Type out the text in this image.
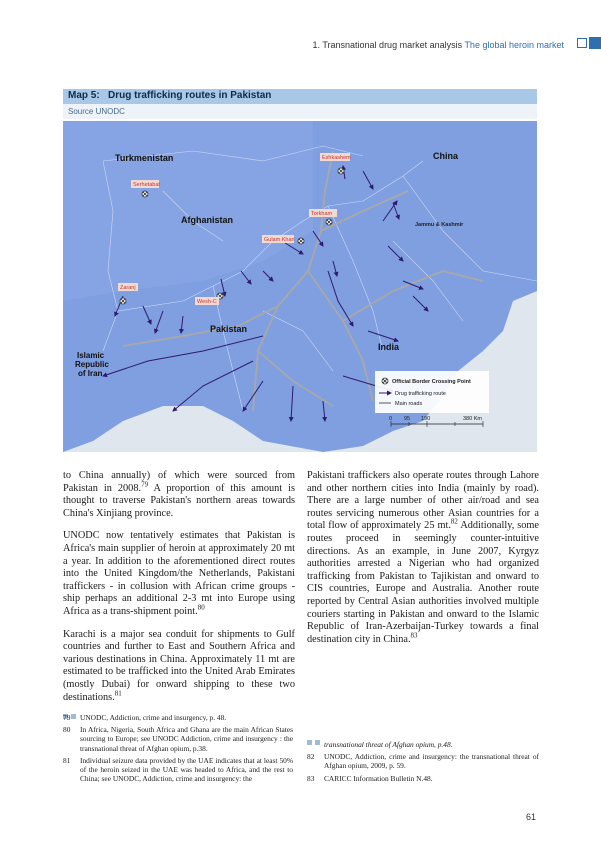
1. Transnational drug market analysis The global heroin market
Map 5: Drug trafficking routes in Pakistan
Source UNODC
Eshkashem
Serhetabat
Torkham
Gulam Khan
Zaranj
Wesh-C
Turkmenistan	China
Afghanistan	Jammu & Kashmir
Pakistan
India
Islamic
Republic
of Iran
Official Border Crossing Point
Drug trafficking route
Main roads
0 95 190	380 Km

to China annually) of which were sourced from Pakistan in 2008.79 A proportion of this amount is thought to traverse Pakistan's northern areas towards China's Xinjiang province.

UNODC now tentatively estimates that Pakistan is Africa's main supplier of heroin at approximately 20 mt a year. In addition to the aforementioned direct routes into the United Kingdom/the Netherlands, Pakistani traffickers - in collusion with African crime groups - ship perhaps an additional 2-3 mt into Europe using Africa as a trans-shipment point.$^{80}$

Karachi is a major sea conduit for shipments to Gulf countries and further to East and Southern Africa and various destinations in China. Approximately 11 mt are estimated to be trafficked into the United Arab Emirates (mostly Dubai) for onward shipping to these two destinations.$^{81}$

Pakistani traffickers also operate routes through Lahore and other northern cities into India (mainly by road). There are a large number of other air/road and sea routes servicing numerous other Asian countries for a total flow of approximately 25 mt.$^{82}$ Additionally, some routes proceed in seemingly counter-intuitive directions. As an example, in June 2007, Kyrgyz authorities arrested a Nigerian who had organized trafficking from Pakistan to Tajikistan and onward to CIS countries, Europe and Australia. Another route reported by Central Asian authorities involved multiple couriers starting in Pakistan and onward to the Islamic Republic of Iran-Azerbaijan-Turkey towards a final destination city in China.$^{83}$

79	UNODC, Addiction, crime and insurgency, p. 48.
80	In Africa, Nigeria, South Africa and Ghana are the main African States sourcing to Europe; see UNODC Addiction, crime and insurgency : the transnational threat of Afghan opium, p.38.
81	Individual seizure data provided by the UAE indicates that at least 50% of the heroin seized in the UAE was headed to Africa, and the rest to China; see UNODC, Addiction, crime and insurgency: the
transnational threat of Afghan opium, p.48.
82	UNODC, Addiction, crime and insurgency: the transnational threat of Afghan opium, 2009, p. 59.
83	CARICC Information Bulletin N.48.
61
